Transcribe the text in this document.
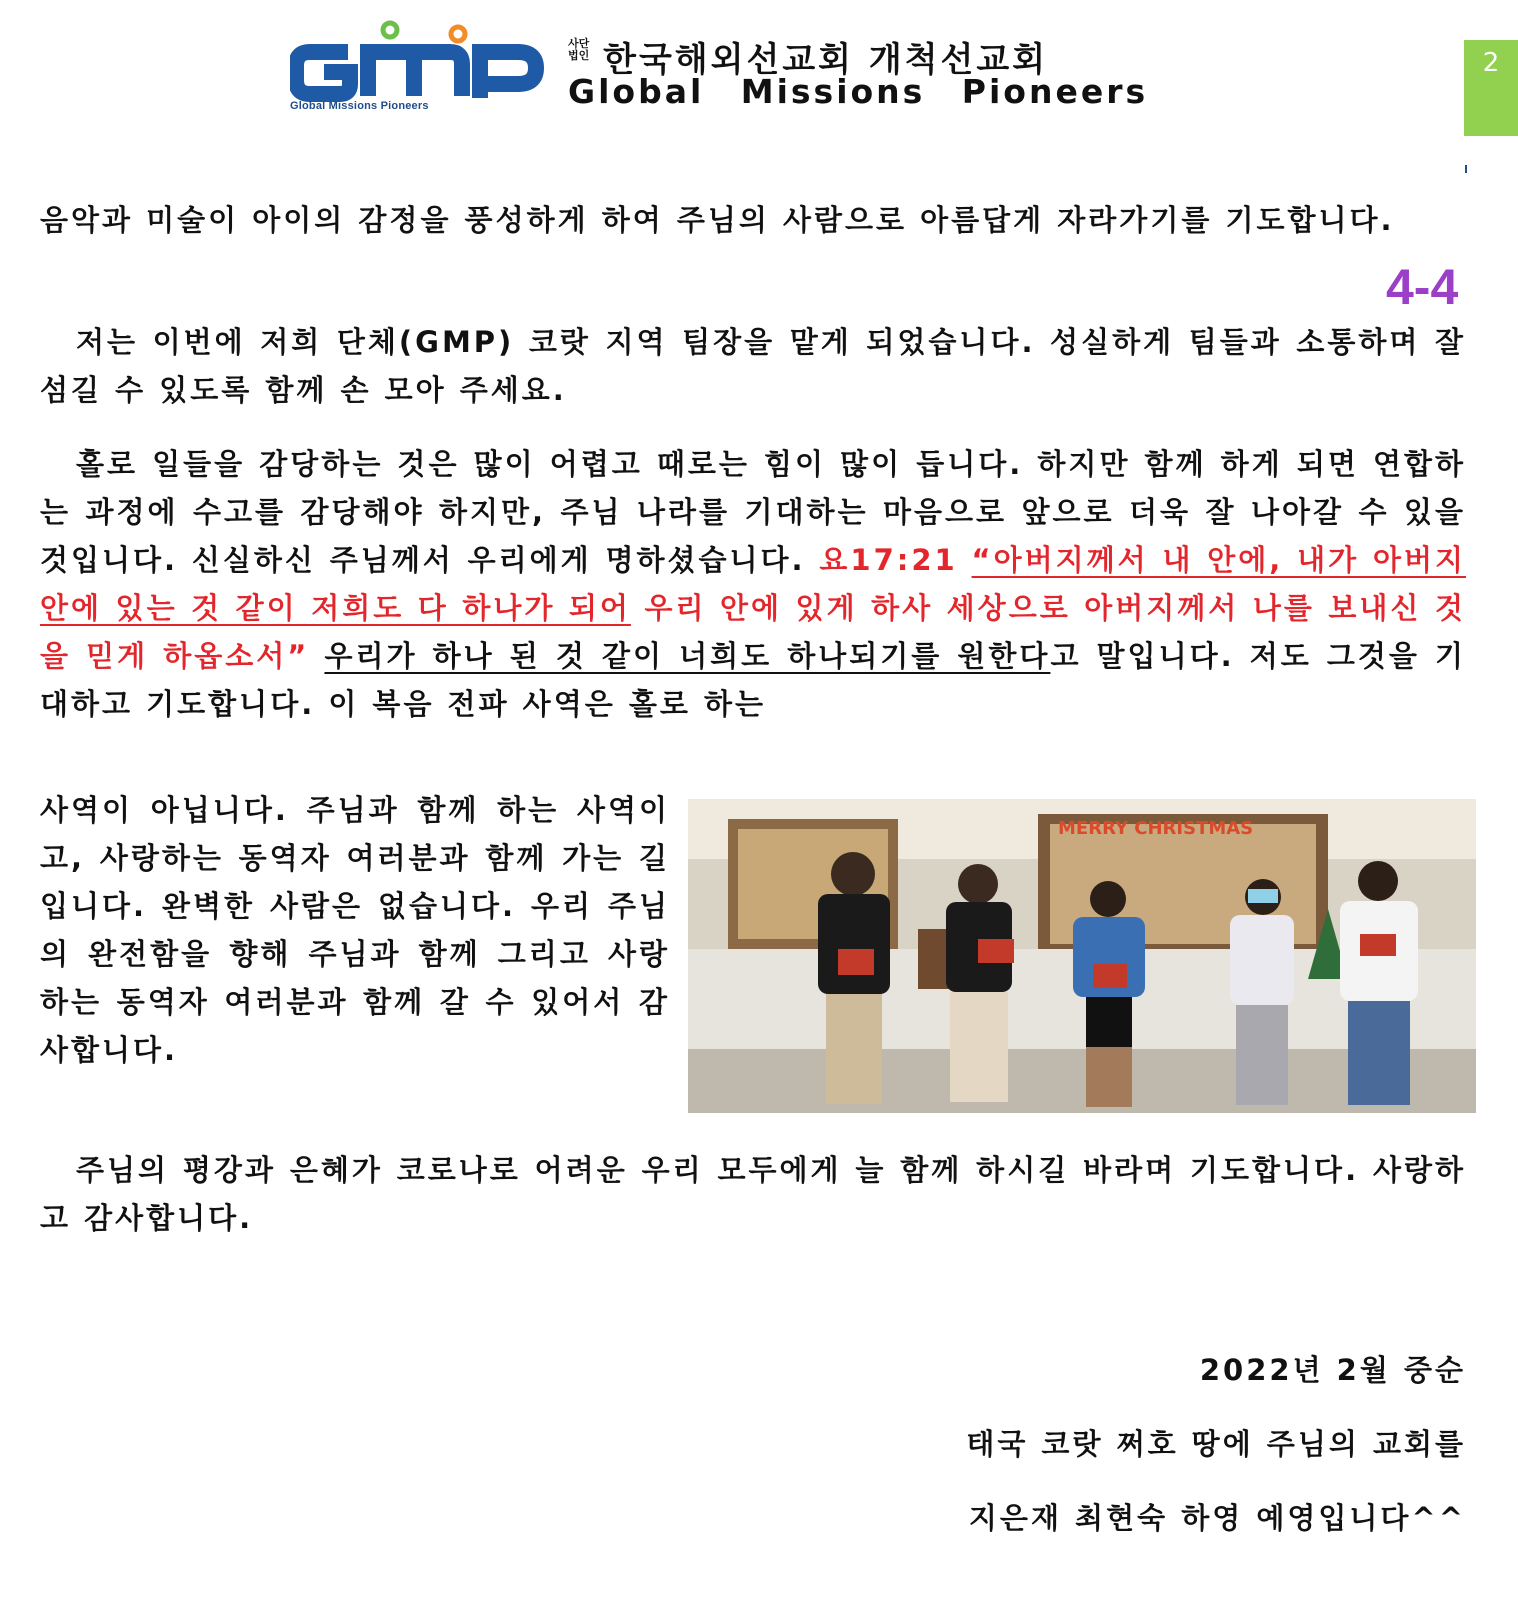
Global Missions Pioneers
사단법인 한국해외선교회 개척선교회
Global Missions Pioneers
2
4-4
음악과 미술이 아이의 감정을 풍성하게 하여 주님의 사람으로 아름답게 자라가기를 기도합니다.
저는 이번에 저희 단체(GMP) 코랏 지역 팀장을 맡게 되었습니다. 성실하게 팀들과 소통하며 잘 섬길 수 있도록 함께 손 모아 주세요.
홀로 일들을 감당하는 것은 많이 어렵고 때로는 힘이 많이 듭니다. 하지만 함께 하게 되면 연합하는 과정에 수고를 감당해야 하지만, 주님 나라를 기대하는 마음으로 앞으로 더욱 잘 나아갈 수 있을 것입니다. 신실하신 주님께서 우리에게 명하셨습니다. 요17:21 “아버지께서 내 안에, 내가 아버지 안에 있는 것 같이 저희도 다 하나가 되어 우리 안에 있게 하사 세상으로 아버지께서 나를 보내신 것을 믿게 하옵소서” 우리가 하나 된 것 같이 너희도 하나되기를 원한다고 말입니다. 저도 그것을 기대하고 기도합니다. 이 복음 전파 사역은 홀로 하는
사역이 아닙니다. 주님과 함께 하는 사역이고, 사랑하는 동역자 여러분과 함께 가는 길입니다. 완벽한 사람은 없습니다. 우리 주님의 완전함을 향해 주님과 함께 그리고 사랑하는 동역자 여러분과 함께 갈 수 있어서 감사합니다.
MERRY CHRISTMAS
주님의 평강과 은혜가 코로나로 어려운 우리 모두에게 늘 함께 하시길 바라며 기도합니다. 사랑하고 감사합니다.
2022년 2월 중순
태국 코랏 쩌호 땅에 주님의 교회를
지은재 최현숙 하영 예영입니다^^
